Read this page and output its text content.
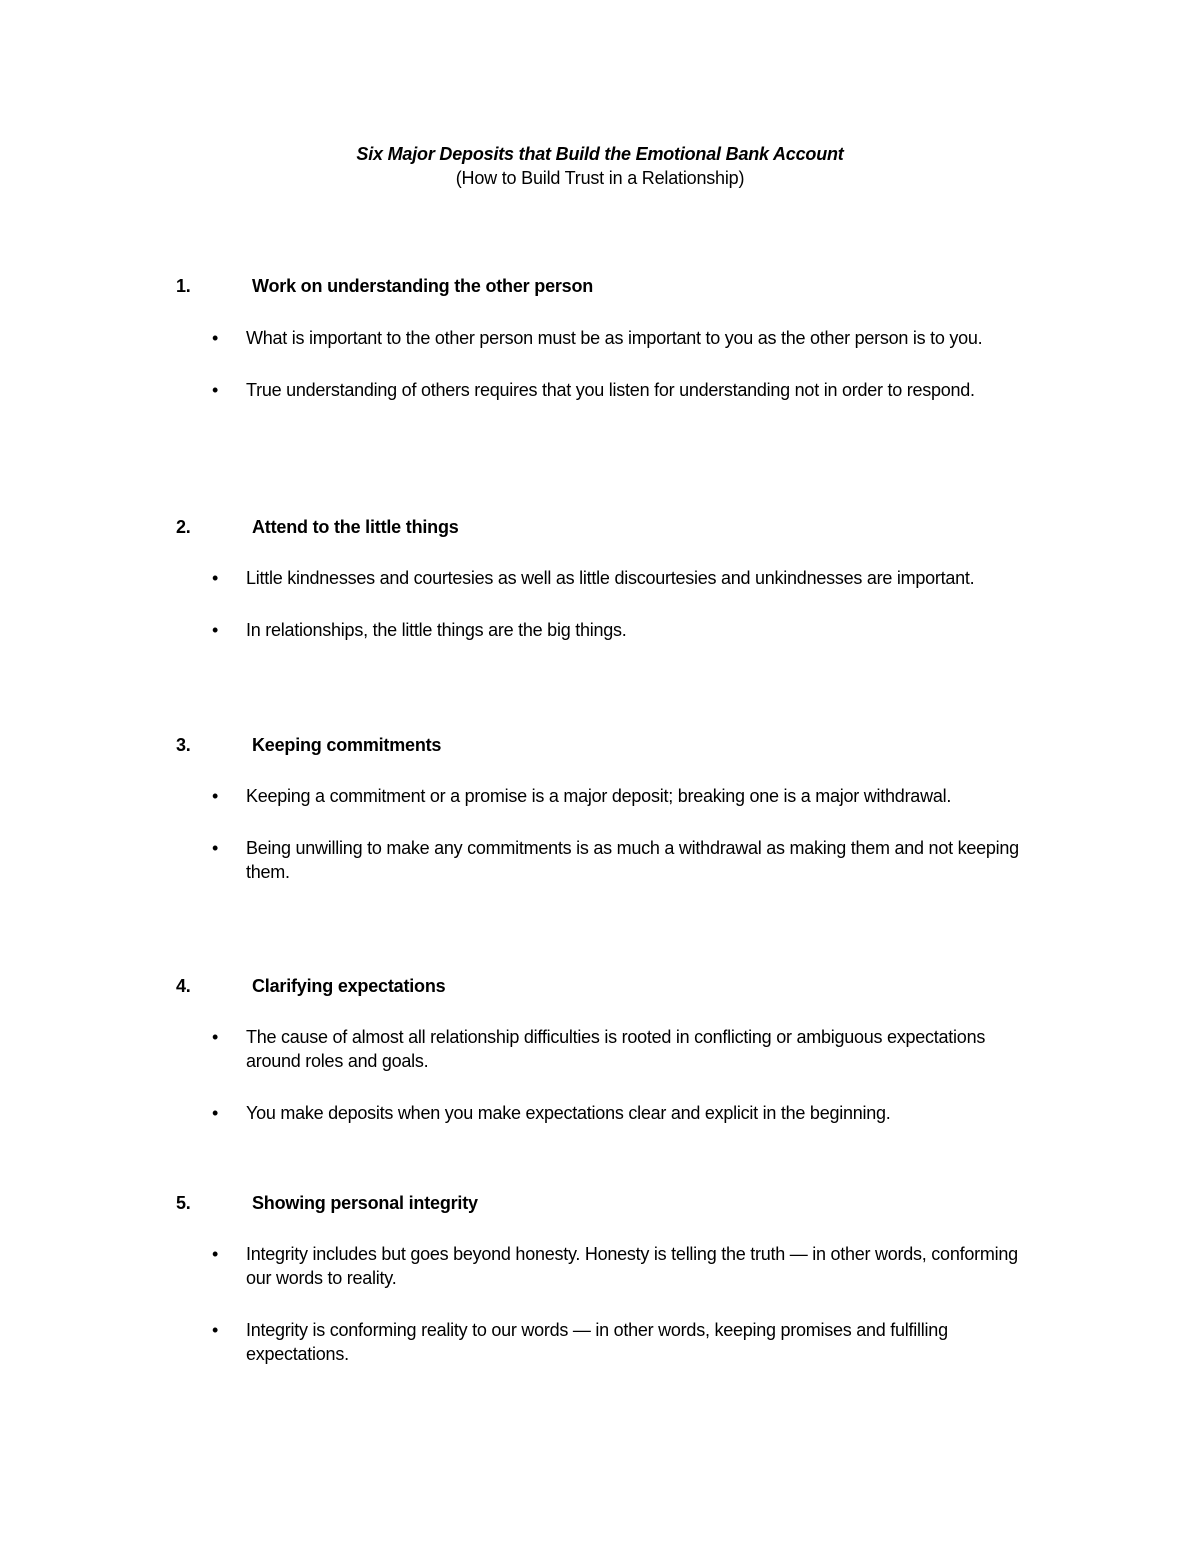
Six Major Deposits that Build the Emotional Bank Account
(How to Build Trust in a Relationship)
1.	Work on understanding the other person
• What is important to the other person must be as important to you as the other person is to you.
• True understanding of others requires that you listen for understanding not in order to respond.
2.	Attend to the little things
• Little kindnesses and courtesies as well as little discourtesies and unkindnesses are important.
• In relationships, the little things are the big things.
3.	Keeping commitments
• Keeping a commitment or a promise is a major deposit; breaking one is a major withdrawal.
• Being unwilling to make any commitments is as much a withdrawal as making them and not keeping them.
4.	Clarifying expectations
• The cause of almost all relationship difficulties is rooted in conflicting or ambiguous expectations around roles and goals.
• You make deposits when you make expectations clear and explicit in the beginning.
5.	Showing personal integrity
• Integrity includes but goes beyond honesty. Honesty is telling the truth — in other words, conforming our words to reality.
• Integrity is conforming reality to our words — in other words, keeping promises and fulfilling expectations.
